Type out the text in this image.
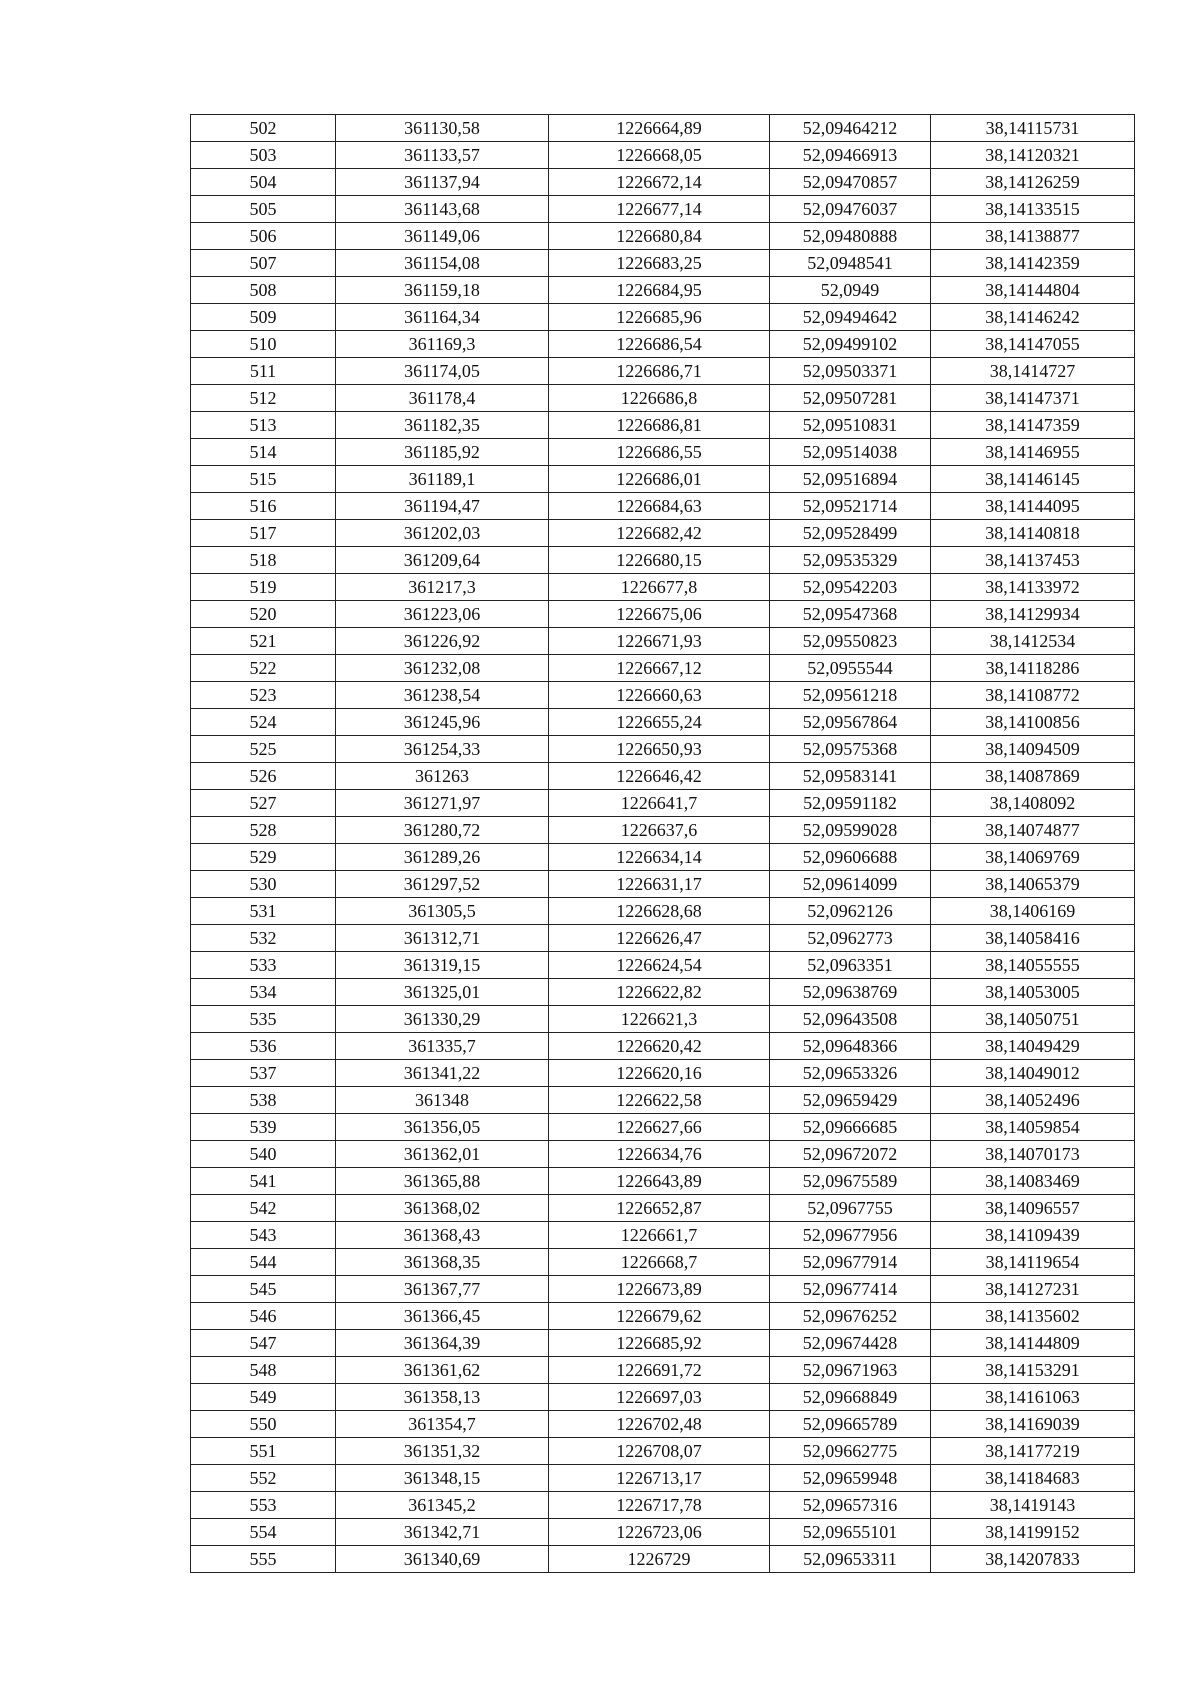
502	361130,58	1226664,89	52,09464212	38,14115731
503	361133,57	1226668,05	52,09466913	38,14120321
504	361137,94	1226672,14	52,09470857	38,14126259
505	361143,68	1226677,14	52,09476037	38,14133515
506	361149,06	1226680,84	52,09480888	38,14138877
507	361154,08	1226683,25	52,0948541	38,14142359
508	361159,18	1226684,95	52,0949	38,14144804
509	361164,34	1226685,96	52,09494642	38,14146242
510	361169,3	1226686,54	52,09499102	38,14147055
511	361174,05	1226686,71	52,09503371	38,1414727
512	361178,4	1226686,8	52,09507281	38,14147371
513	361182,35	1226686,81	52,09510831	38,14147359
514	361185,92	1226686,55	52,09514038	38,14146955
515	361189,1	1226686,01	52,09516894	38,14146145
516	361194,47	1226684,63	52,09521714	38,14144095
517	361202,03	1226682,42	52,09528499	38,14140818
518	361209,64	1226680,15	52,09535329	38,14137453
519	361217,3	1226677,8	52,09542203	38,14133972
520	361223,06	1226675,06	52,09547368	38,14129934
521	361226,92	1226671,93	52,09550823	38,1412534
522	361232,08	1226667,12	52,0955544	38,14118286
523	361238,54	1226660,63	52,09561218	38,14108772
524	361245,96	1226655,24	52,09567864	38,14100856
525	361254,33	1226650,93	52,09575368	38,14094509
526	361263	1226646,42	52,09583141	38,14087869
527	361271,97	1226641,7	52,09591182	38,1408092
528	361280,72	1226637,6	52,09599028	38,14074877
529	361289,26	1226634,14	52,09606688	38,14069769
530	361297,52	1226631,17	52,09614099	38,14065379
531	361305,5	1226628,68	52,0962126	38,1406169
532	361312,71	1226626,47	52,0962773	38,14058416
533	361319,15	1226624,54	52,0963351	38,14055555
534	361325,01	1226622,82	52,09638769	38,14053005
535	361330,29	1226621,3	52,09643508	38,14050751
536	361335,7	1226620,42	52,09648366	38,14049429
537	361341,22	1226620,16	52,09653326	38,14049012
538	361348	1226622,58	52,09659429	38,14052496
539	361356,05	1226627,66	52,09666685	38,14059854
540	361362,01	1226634,76	52,09672072	38,14070173
541	361365,88	1226643,89	52,09675589	38,14083469
542	361368,02	1226652,87	52,0967755	38,14096557
543	361368,43	1226661,7	52,09677956	38,14109439
544	361368,35	1226668,7	52,09677914	38,14119654
545	361367,77	1226673,89	52,09677414	38,14127231
546	361366,45	1226679,62	52,09676252	38,14135602
547	361364,39	1226685,92	52,09674428	38,14144809
548	361361,62	1226691,72	52,09671963	38,14153291
549	361358,13	1226697,03	52,09668849	38,14161063
550	361354,7	1226702,48	52,09665789	38,14169039
551	361351,32	1226708,07	52,09662775	38,14177219
552	361348,15	1226713,17	52,09659948	38,14184683
553	361345,2	1226717,78	52,09657316	38,1419143
554	361342,71	1226723,06	52,09655101	38,14199152
555	361340,69	1226729	52,09653311	38,14207833
